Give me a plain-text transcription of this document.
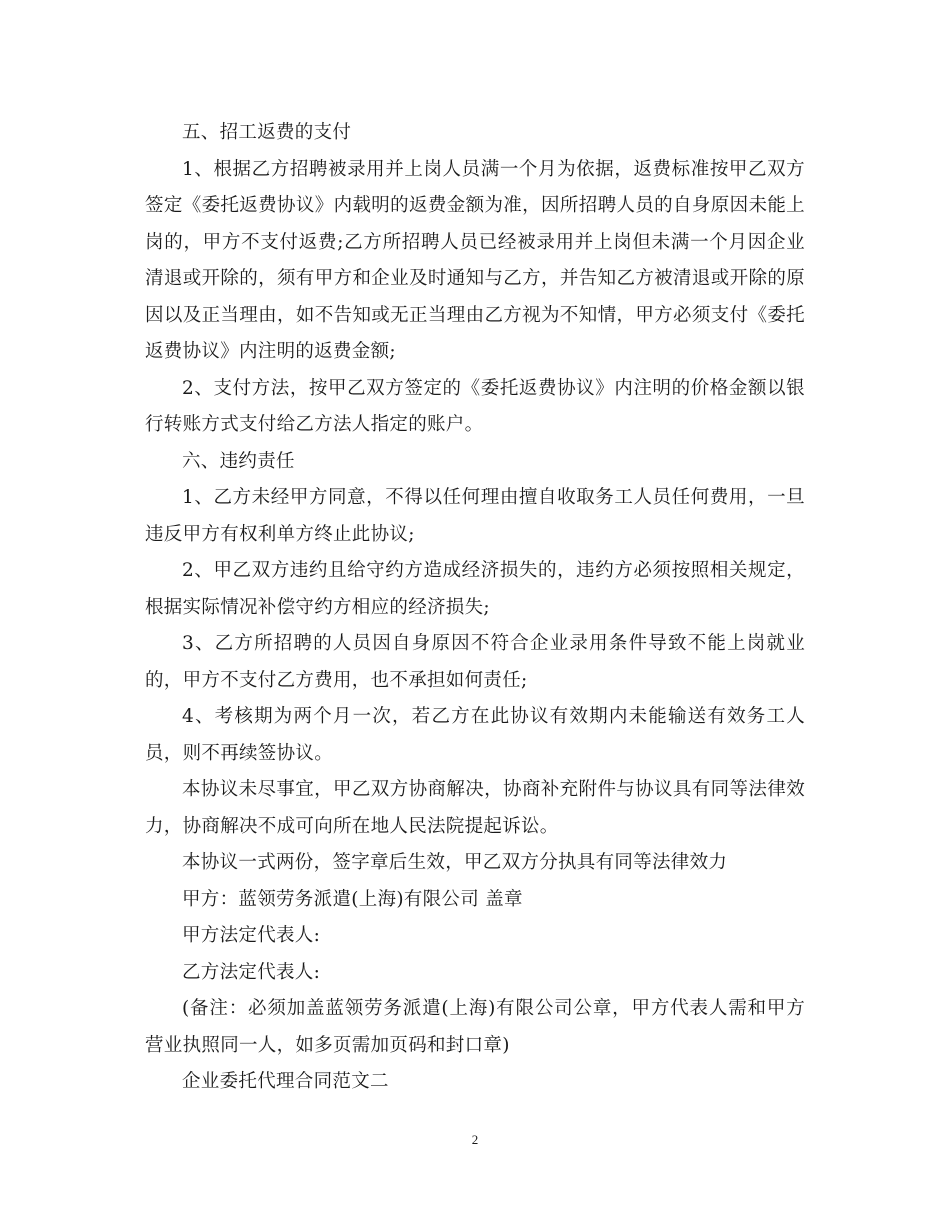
五、招工返费的支付

1、根据乙方招聘被录用并上岗人员满一个月为依据，返费标准按甲乙双方签定《委托返费协议》内载明的返费金额为准，因所招聘人员的自身原因未能上岗的，甲方不支付返费;乙方所招聘人员已经被录用并上岗但未满一个月因企业清退或开除的，须有甲方和企业及时通知与乙方，并告知乙方被清退或开除的原因以及正当理由，如不告知或无正当理由乙方视为不知情，甲方必须支付《委托返费协议》内注明的返费金额;

2、支付方法，按甲乙双方签定的《委托返费协议》内注明的价格金额以银行转账方式支付给乙方法人指定的账户。

六、违约责任

1、乙方未经甲方同意，不得以任何理由擅自收取务工人员任何费用，一旦违反甲方有权利单方终止此协议;

2、甲乙双方违约且给守约方造成经济损失的，违约方必须按照相关规定，根据实际情况补偿守约方相应的经济损失;

3、乙方所招聘的人员因自身原因不符合企业录用条件导致不能上岗就业的，甲方不支付乙方费用，也不承担如何责任;

4、考核期为两个月一次，若乙方在此协议有效期内未能输送有效务工人员，则不再续签协议。

本协议未尽事宜，甲乙双方协商解决，协商补充附件与协议具有同等法律效力，协商解决不成可向所在地人民法院提起诉讼。

本协议一式两份，签字章后生效，甲乙双方分执具有同等法律效力

甲方：蓝领劳务派遣(上海)有限公司 盖章

甲方法定代表人:

乙方法定代表人:

(备注：必须加盖蓝领劳务派遣(上海)有限公司公章，甲方代表人需和甲方营业执照同一人，如多页需加页码和封口章)

企业委托代理合同范文二

2
